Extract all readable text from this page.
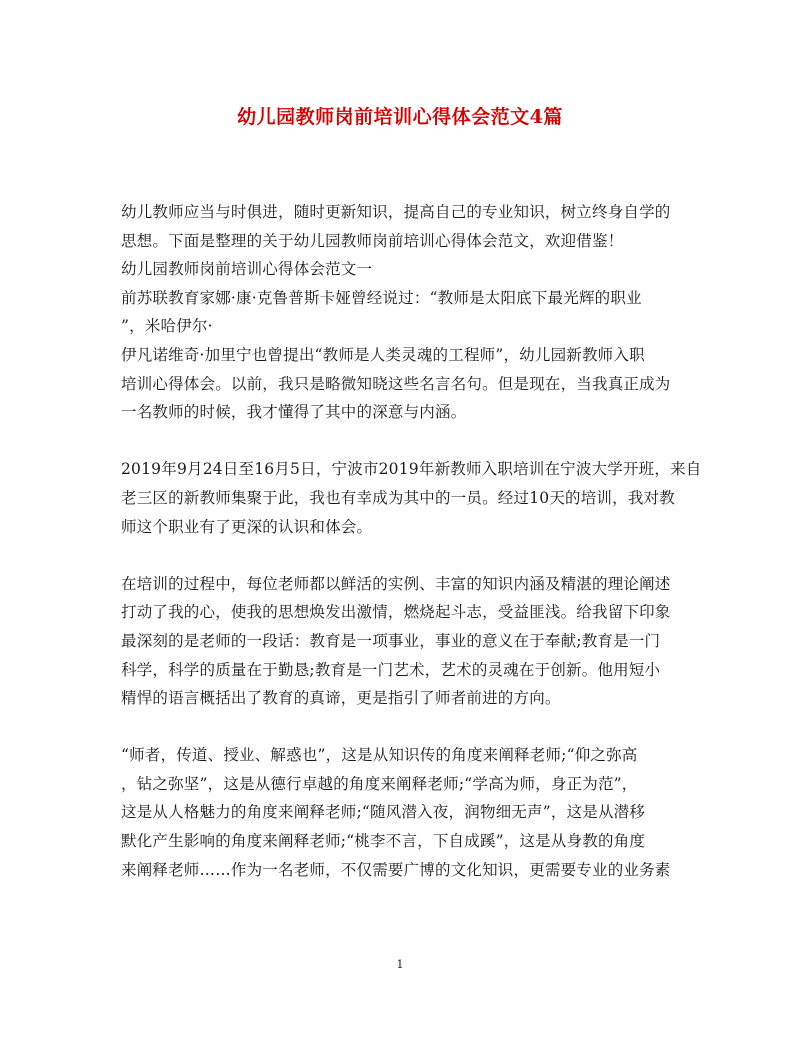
幼儿园教师岗前培训心得体会范文4篇
幼儿教师应当与时俱进，随时更新知识，提高自己的专业知识，树立终身自学的
思想。下面是整理的关于幼儿园教师岗前培训心得体会范文，欢迎借鉴！
幼儿园教师岗前培训心得体会范文一
前苏联教育家娜·康·克鲁普斯卡娅曾经说过：“教师是太阳底下最光辉的职业
”，米哈伊尔·
伊凡诺维奇·加里宁也曾提出“教师是人类灵魂的工程师”，幼儿园新教师入职
培训心得体会。以前，我只是略微知晓这些名言名句。但是现在，当我真正成为
一名教师的时候，我才懂得了其中的深意与内涵。
2019年9月24日至16月5日，宁波市2019年新教师入职培训在宁波大学开班，来自
老三区的新教师集聚于此，我也有幸成为其中的一员。经过10天的培训，我对教
师这个职业有了更深的认识和体会。
在培训的过程中，每位老师都以鲜活的实例、丰富的知识内涵及精湛的理论阐述
打动了我的心，使我的思想焕发出激情，燃烧起斗志，受益匪浅。给我留下印象
最深刻的是老师的一段话：教育是一项事业，事业的意义在于奉献;教育是一门
科学，科学的质量在于勤恳;教育是一门艺术，艺术的灵魂在于创新。他用短小
精悍的语言概括出了教育的真谛，更是指引了师者前进的方向。
“师者，传道、授业、解惑也”，这是从知识传的角度来阐释老师;“仰之弥高
，钻之弥坚”，这是从德行卓越的角度来阐释老师;“学高为师，身正为范”，
这是从人格魅力的角度来阐释老师;“随风潜入夜，润物细无声”，这是从潜移
默化产生影响的角度来阐释老师;“桃李不言，下自成蹊”，这是从身教的角度
来阐释老师……作为一名老师，不仅需要广博的文化知识，更需要专业的业务素
1
